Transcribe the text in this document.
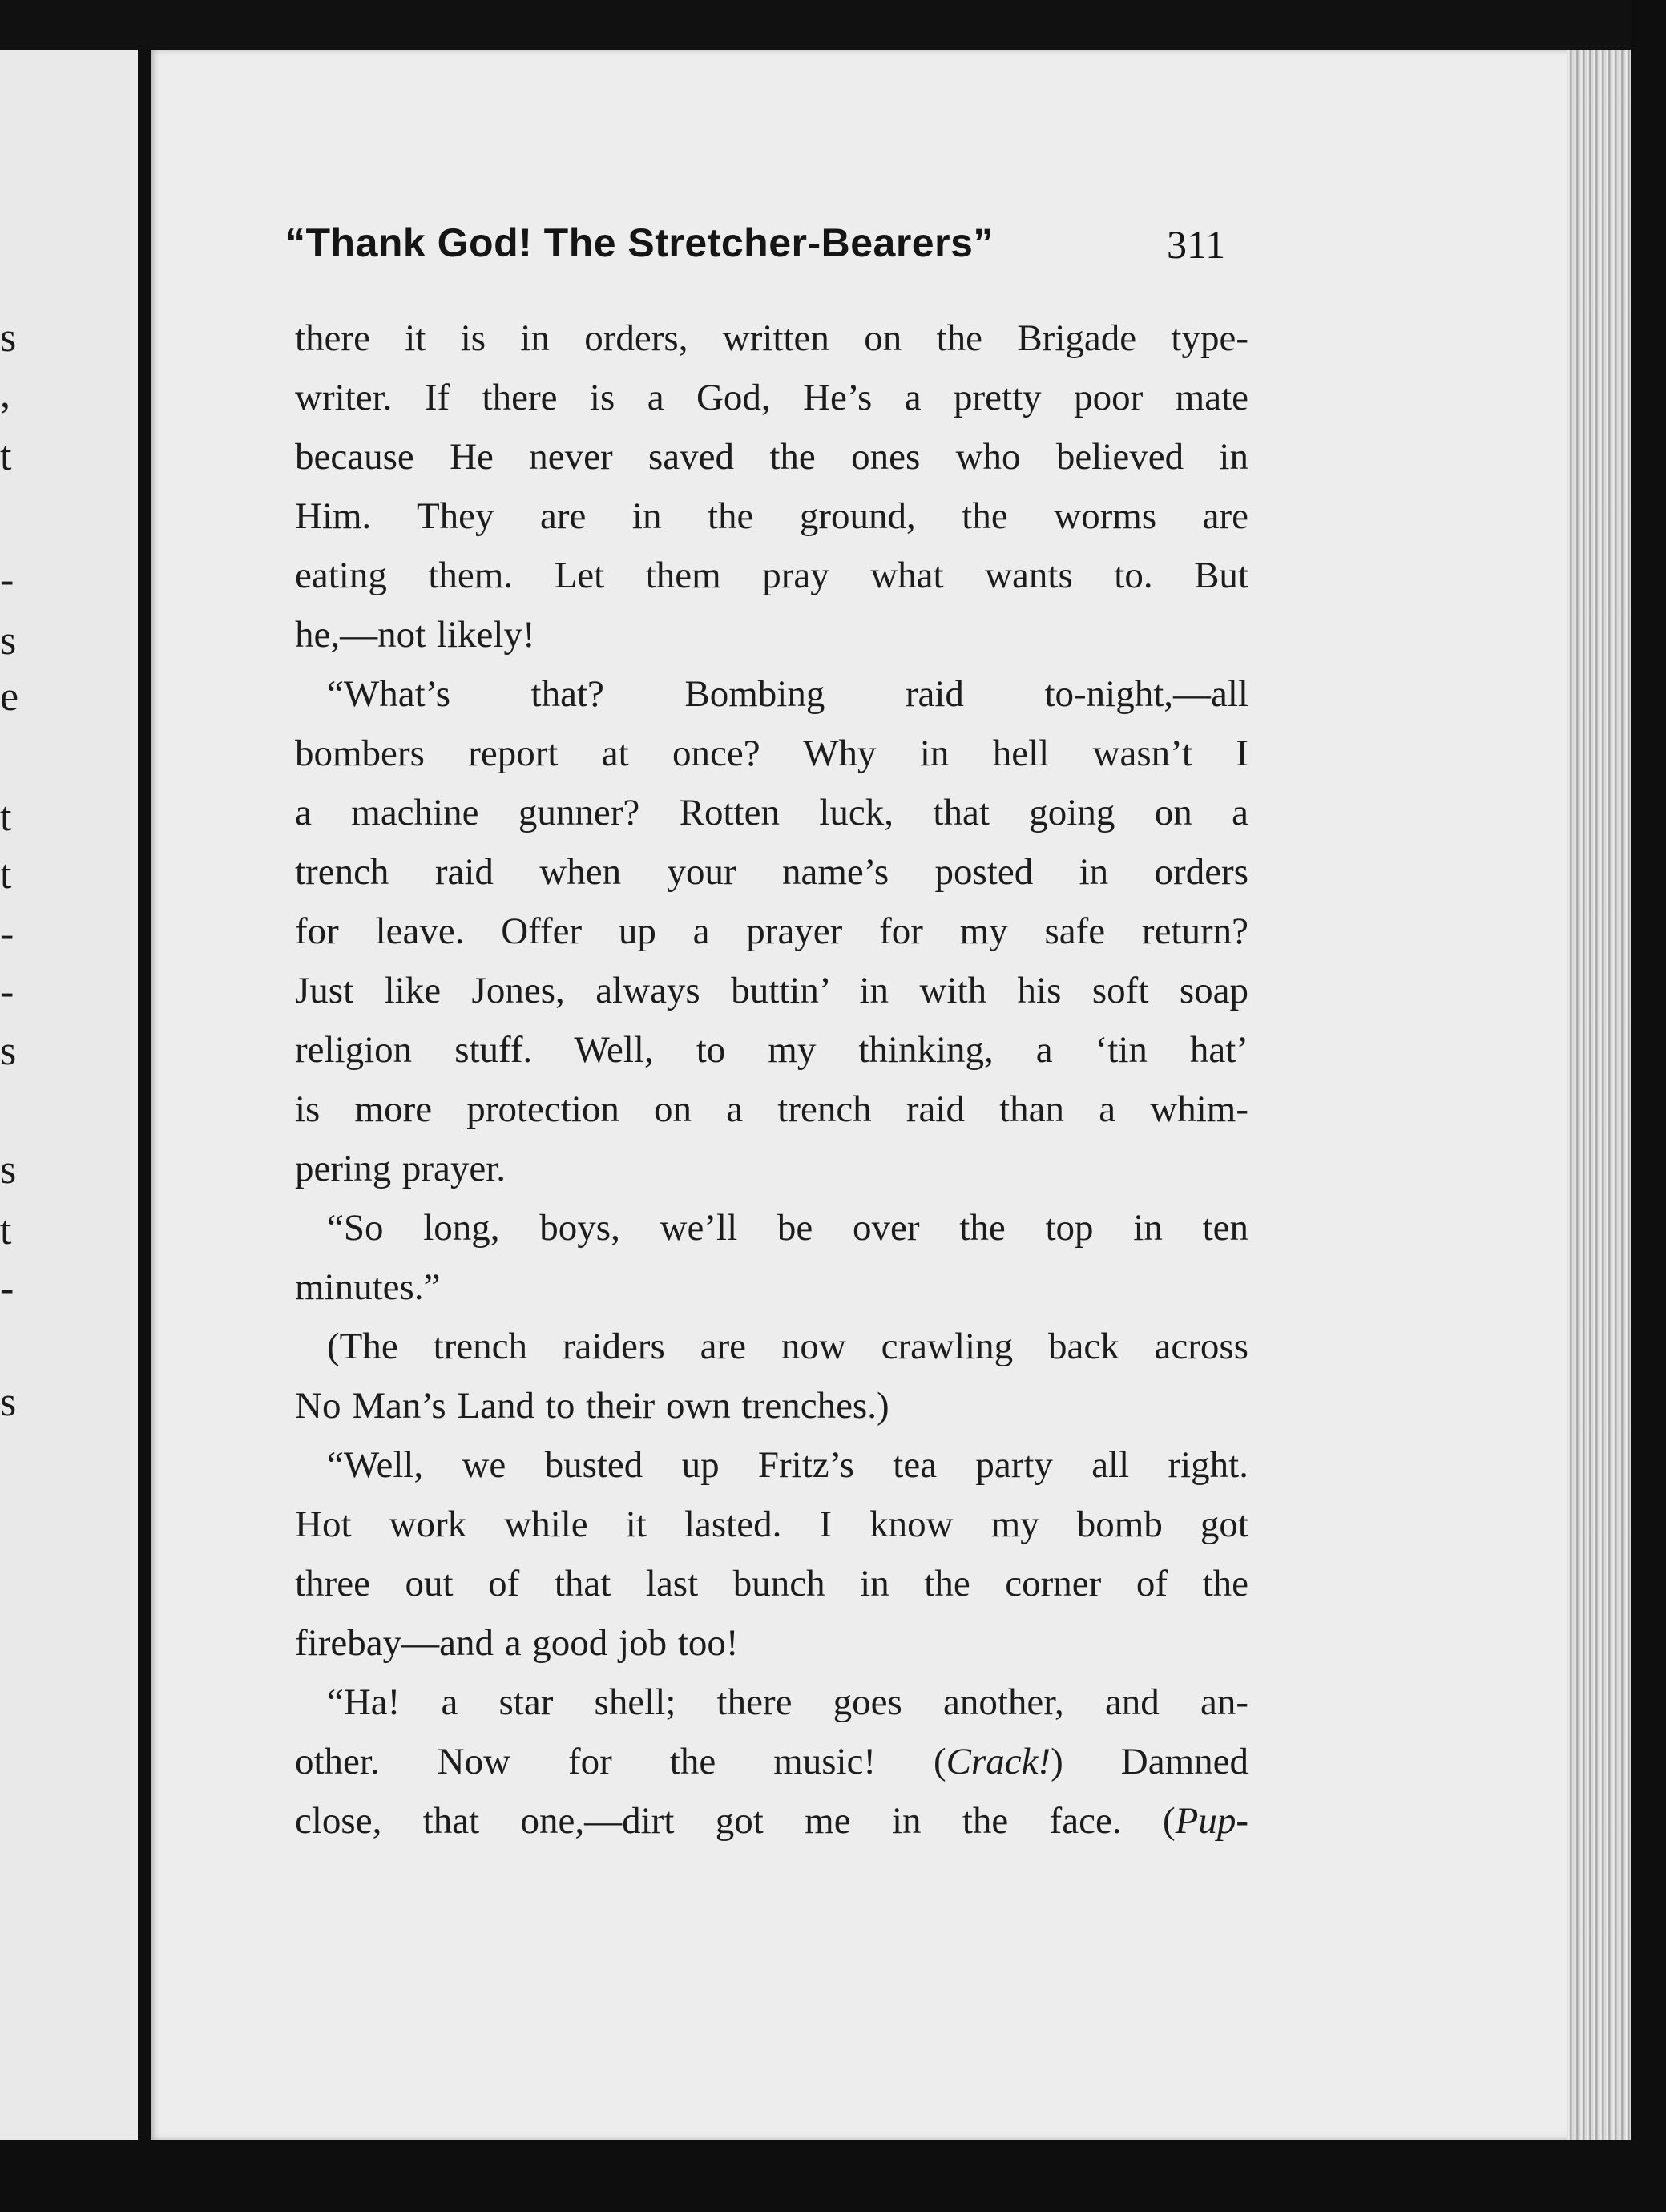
s
,
t
-
s
e
t
t
-
-
s
s
t
-
s
“Thank God! The Stretcher-Bearers”	311
there it is in orders, written on the Brigade type-
writer. If there is a God, He’s a pretty poor mate
because He never saved the ones who believed in
Him. They are in the ground, the worms are
eating them. Let them pray what wants to. But
he,—not likely!
“What’s that? Bombing raid to-night,—all
bombers report at once? Why in hell wasn’t I
a machine gunner? Rotten luck, that going on a
trench raid when your name’s posted in orders
for leave. Offer up a prayer for my safe return?
Just like Jones, always buttin’ in with his soft soap
religion stuff. Well, to my thinking, a ‘tin hat’
is more protection on a trench raid than a whim-
pering prayer.
“So long, boys, we’ll be over the top in ten
minutes.”
(The trench raiders are now crawling back across
No Man’s Land to their own trenches.)
“Well, we busted up Fritz’s tea party all right.
Hot work while it lasted. I know my bomb got
three out of that last bunch in the corner of the
firebay—and a good job too!
“Ha! a star shell; there goes another, and an-
other. Now for the music! (Crack!) Damned
close, that one,—dirt got me in the face. (Pup-
